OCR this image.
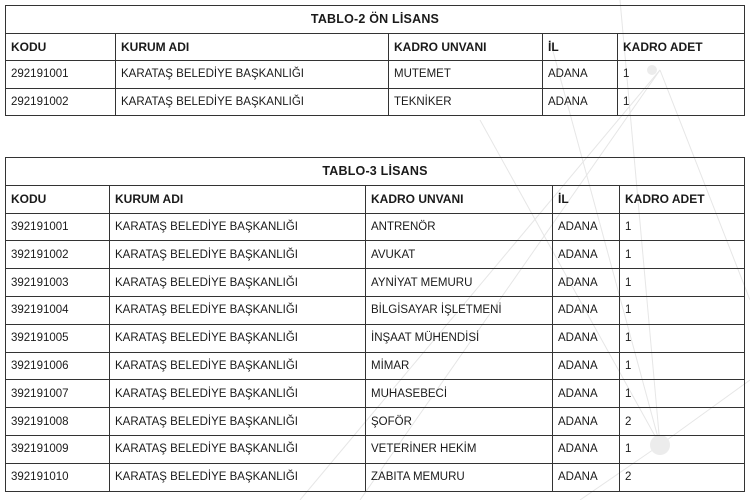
TABLO-2 ÖN LİSANS				
KODU	KURUM ADI	KADRO UNVANI	İL	KADRO ADET
292191001	KARATAŞ BELEDİYE BAŞKANLIĞI	MUTEMET	ADANA	1
292191002	KARATAŞ BELEDİYE BAŞKANLIĞI	TEKNİKER	ADANA	1
TABLO-3 LİSANS				
KODU	KURUM ADI	KADRO UNVANI	İL	KADRO ADET
392191001	KARATAŞ BELEDİYE BAŞKANLIĞI	ANTRENÖR	ADANA	1
392191002	KARATAŞ BELEDİYE BAŞKANLIĞI	AVUKAT	ADANA	1
392191003	KARATAŞ BELEDİYE BAŞKANLIĞI	AYNİYAT MEMURU	ADANA	1
392191004	KARATAŞ BELEDİYE BAŞKANLIĞI	BİLGİSAYAR İŞLETMENİ	ADANA	1
392191005	KARATAŞ BELEDİYE BAŞKANLIĞI	İNŞAAT MÜHENDİSİ	ADANA	1
392191006	KARATAŞ BELEDİYE BAŞKANLIĞI	MİMAR	ADANA	1
392191007	KARATAŞ BELEDİYE BAŞKANLIĞI	MUHASEBECİ	ADANA	1
392191008	KARATAŞ BELEDİYE BAŞKANLIĞI	ŞOFÖR	ADANA	2
392191009	KARATAŞ BELEDİYE BAŞKANLIĞI	VETERİNER HEKİM	ADANA	1
392191010	KARATAŞ BELEDİYE BAŞKANLIĞI	ZABITA MEMURU	ADANA	2
